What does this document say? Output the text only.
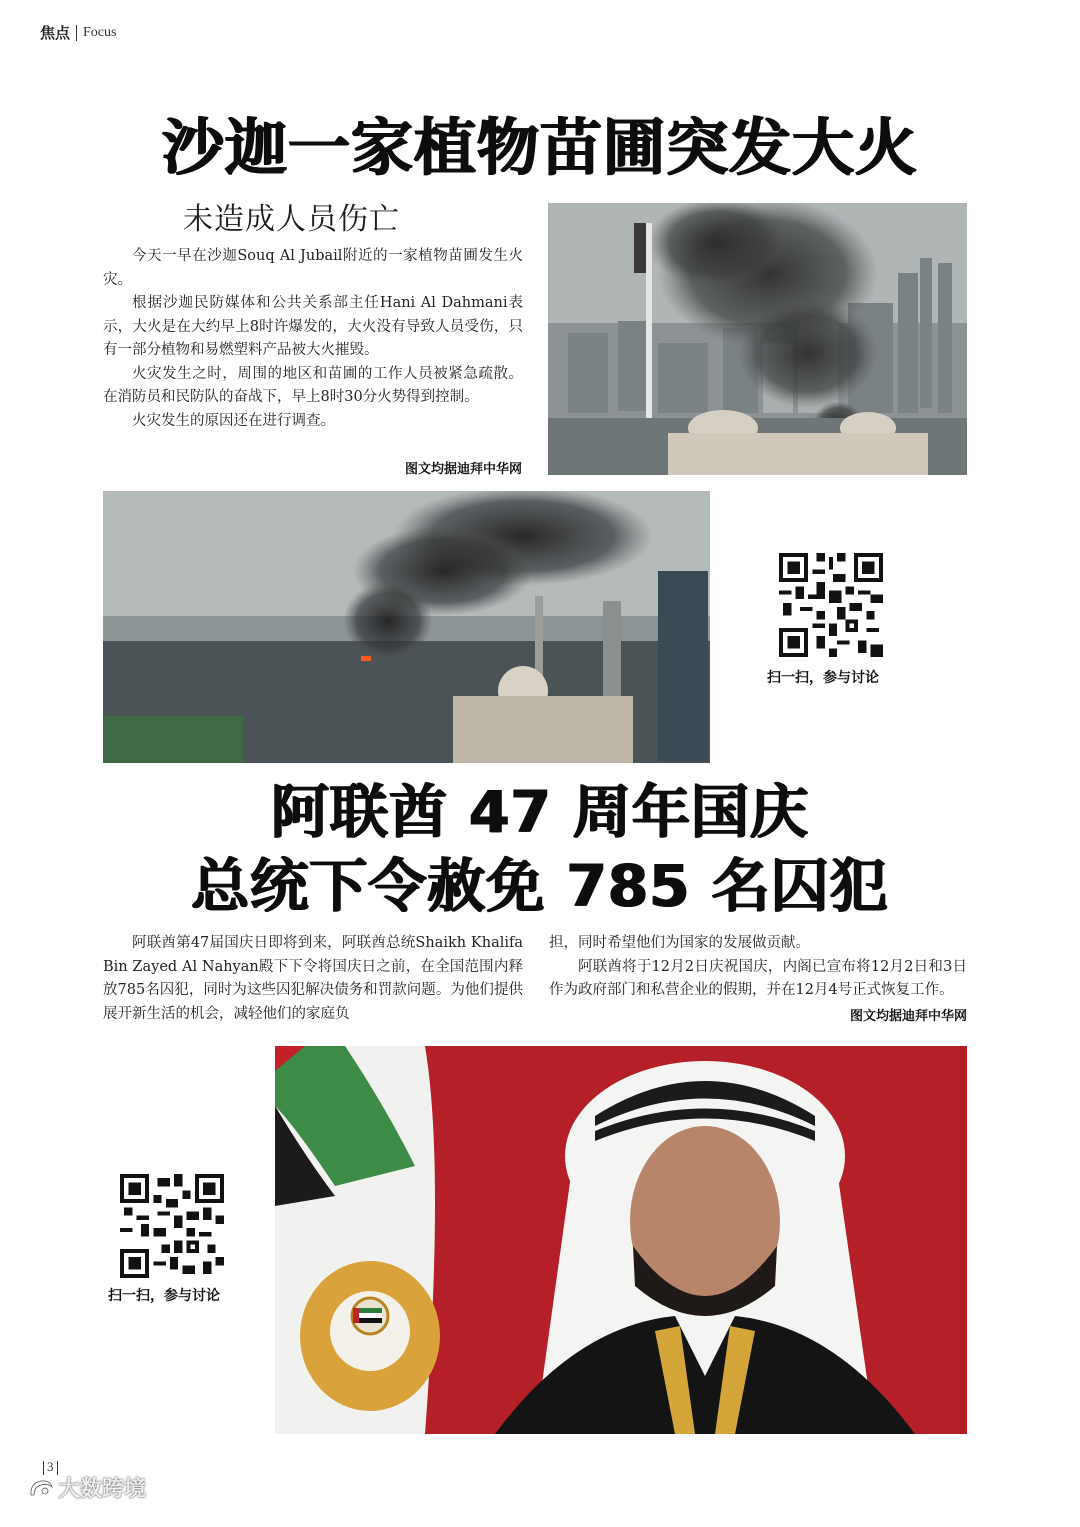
焦点 Focus
沙迦一家植物苗圃突发大火
未造成人员伤亡

今天一早在沙迦Souq Al Jubail附近的一家植物苗圃发生火灾。

根据沙迦民防媒体和公共关系部主任Hani Al Dahmani表示，大火是在大约早上8时许爆发的，大火没有导致人员受伤，只有一部分植物和易燃塑料产品被大火摧毁。

火灾发生之时，周围的地区和苗圃的工作人员被紧急疏散。在消防员和民防队的奋战下，早上8时30分火势得到控制。

火灾发生的原因还在进行调查。

图文均据迪拜中华网
扫一扫，参与讨论
阿联酋 47 周年国庆
总统下令赦免 785 名囚犯

阿联酋第47届国庆日即将到来，阿联酋总统Shaikh Khalifa Bin Zayed Al Nahyan殿下下令将国庆日之前，在全国范围内释放785名囚犯，同时为这些囚犯解决债务和罚款问题。为他们提供展开新生活的机会，减轻他们的家庭负

担，同时希望他们为国家的发展做贡献。

阿联酋将于12月2日庆祝国庆，内阁已宣布将12月2日和3日作为政府部门和私营企业的假期，并在12月4号正式恢复工作。

图文均据迪拜中华网
扫一扫，参与讨论
3
大数跨境
